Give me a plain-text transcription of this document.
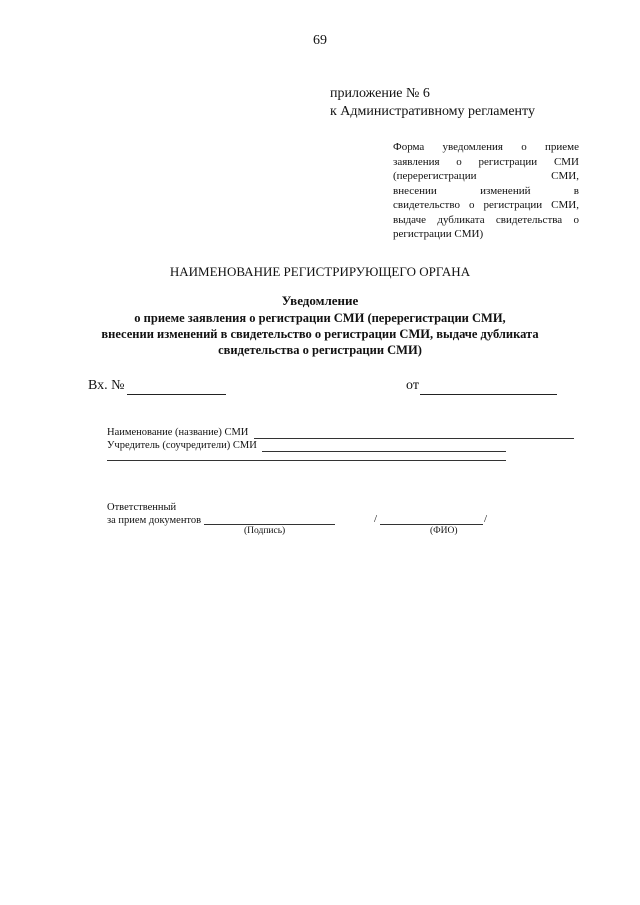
69
приложение № 6
к Административному регламенту
Форма уведомления о приеме
заявления о регистрации СМИ
(перерегистрации СМИ,
внесении изменений в
свидетельство о регистрации СМИ,
выдаче дубликата свидетельства о
регистрации СМИ)
НАИМЕНОВАНИЕ РЕГИСТРИРУЮЩЕГО ОРГАНА
Уведомление
о приеме заявления о регистрации СМИ (перерегистрации СМИ,
внесении изменений в свидетельство о регистрации СМИ, выдаче дубликата
свидетельства о регистрации СМИ)
Вх. №	от
Наименование (название) СМИ
Учредитель (соучредители) СМИ
Ответственный
за прием документов	/	/
(Подпись)	(ФИО)
